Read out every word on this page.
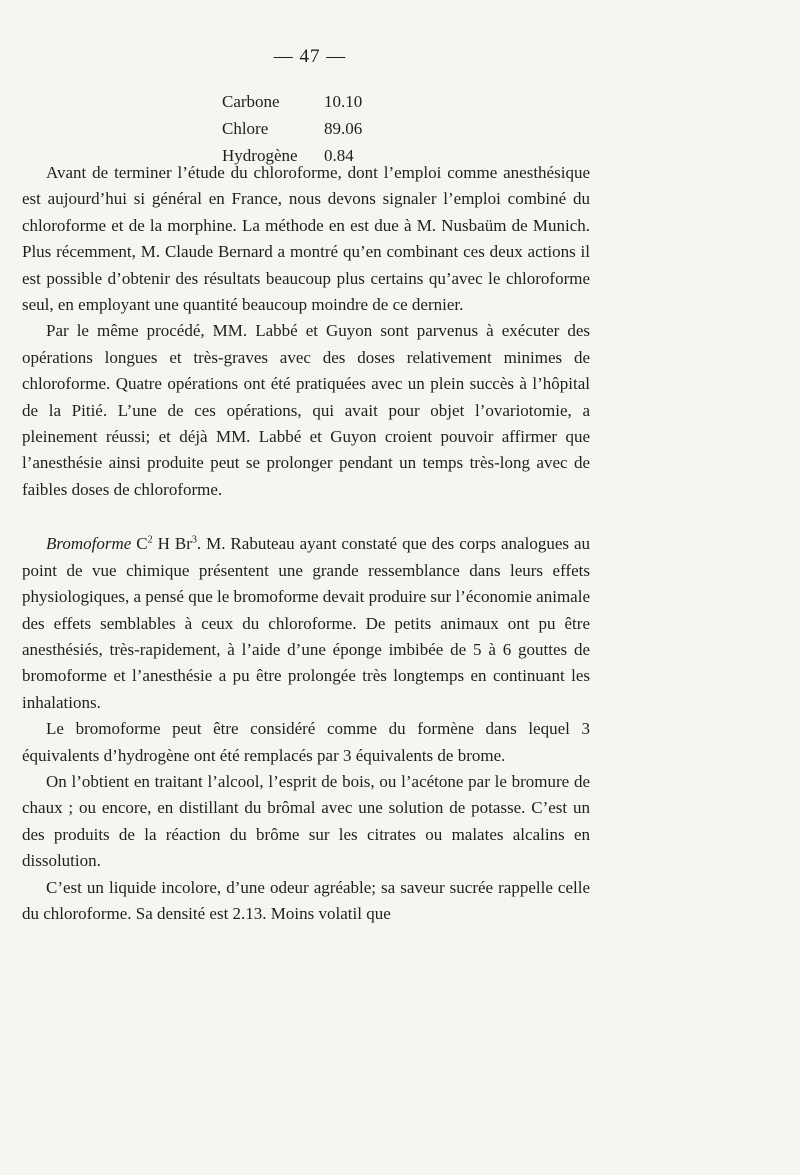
— 47 —
Carbone	10.10
Chlore	89.06
Hydrogène	0.84

Avant de terminer l’étude du chloroforme, dont l’emploi comme anesthésique est aujourd’hui si général en France, nous devons signaler l’emploi combiné du chloroforme et de la morphine. La méthode en est due à M. Nusbaüm de Munich. Plus récemment, M. Claude Bernard a montré qu’en combinant ces deux actions il est possible d’obtenir des résultats beaucoup plus certains qu’avec le chloroforme seul, en employant une quantité beaucoup moindre de ce dernier.

Par le même procédé, MM. Labbé et Guyon sont parvenus à exécuter des opérations longues et très-graves avec des doses relativement minimes de chloroforme. Quatre opérations ont été pratiquées avec un plein succès à l’hôpital de la Pitié. L’une de ces opérations, qui avait pour objet l’ovariotomie, a pleinement réussi; et déjà MM. Labbé et Guyon croient pouvoir affirmer que l’anesthésie ainsi produite peut se prolonger pendant un temps très-long avec de faibles doses de chloroforme.

Bromoforme $C^2$ H Br$^3$. M. Rabuteau ayant constaté que des corps analogues au point de vue chimique présentent une grande ressemblance dans leurs effets physiologiques, a pensé que le bromoforme devait produire sur l’économie animale des effets semblables à ceux du chloroforme. De petits animaux ont pu être anesthésiés, très-rapidement, à l’aide d’une éponge imbibée de 5 à 6 gouttes de bromoforme et l’anesthésie a pu être prolongée très longtemps en continuant les inhalations.

Le bromoforme peut être considéré comme du formène dans lequel 3 équivalents d’hydrogène ont été remplacés par 3 équivalents de brome.

On l’obtient en traitant l’alcool, l’esprit de bois, ou l’acétone par le bromure de chaux ; ou encore, en distillant du brômal avec une solution de potasse. C’est un des produits de la réaction du brôme sur les citrates ou malates alcalins en dissolution.

C’est un liquide incolore, d’une odeur agréable; sa saveur sucrée rappelle celle du chloroforme. Sa densité est 2.13. Moins volatil que
